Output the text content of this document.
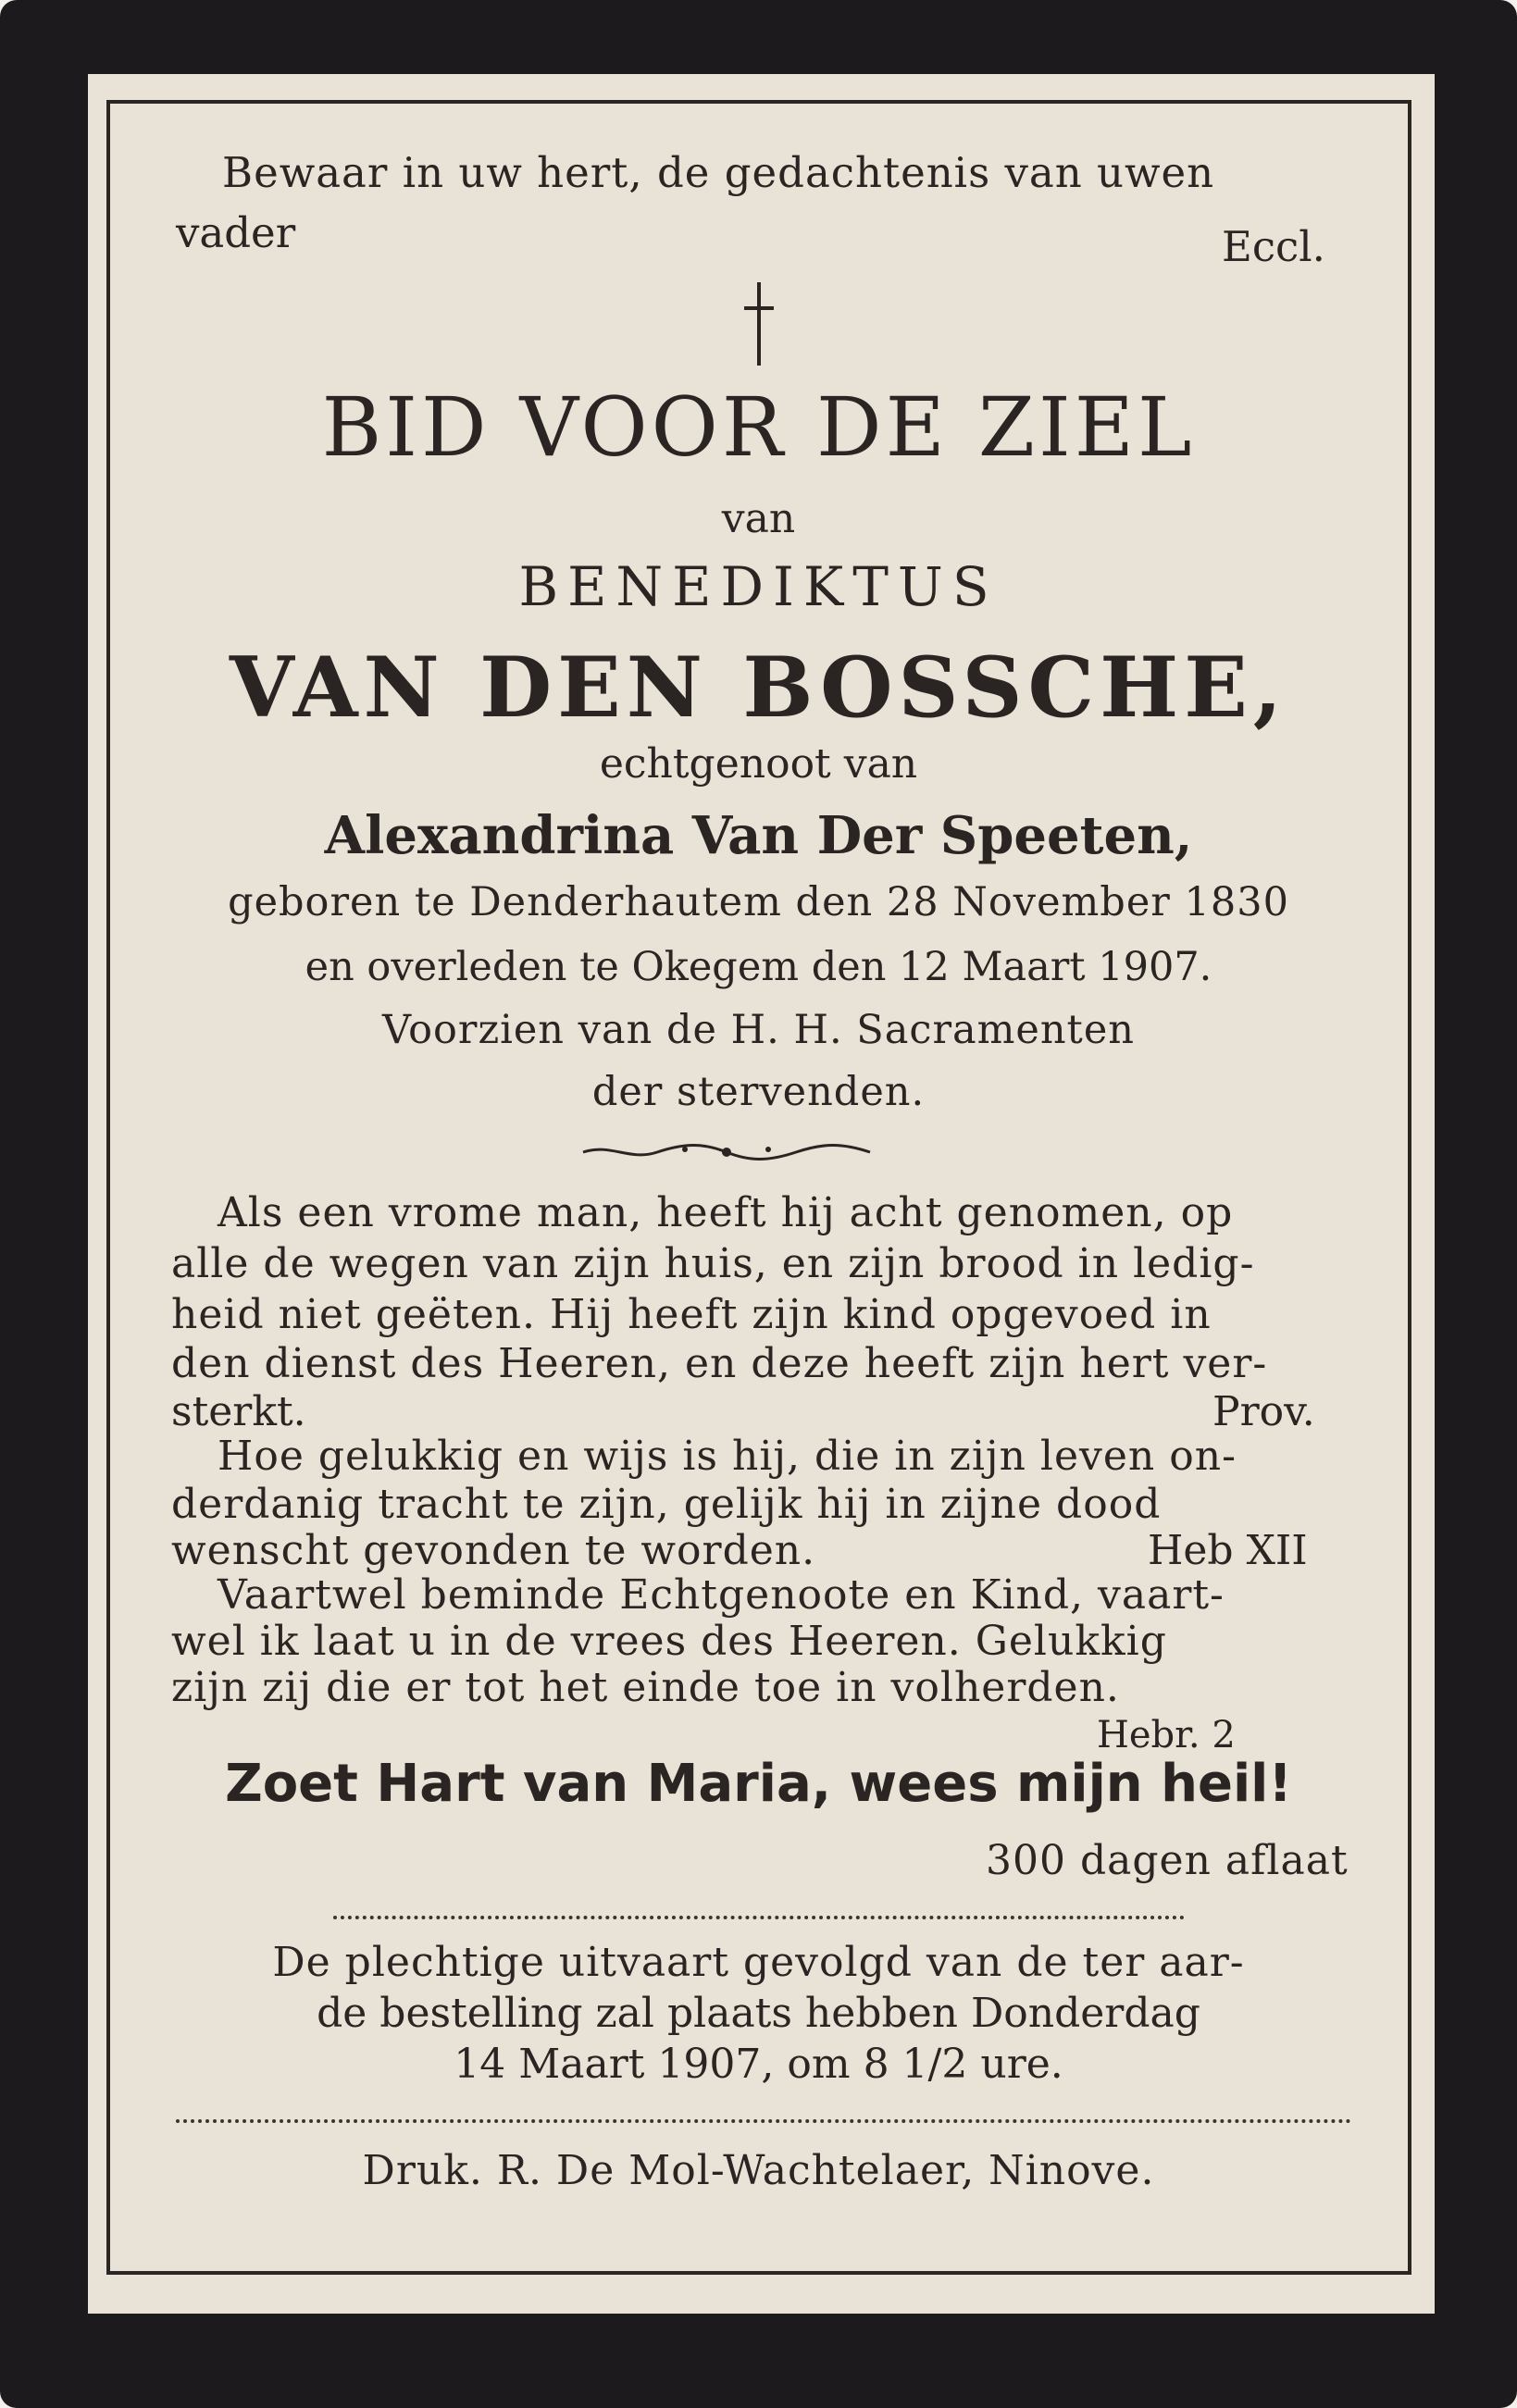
Bewaar in uw hert, de gedachtenis van uwen
vader	Eccl.
BID VOOR DE ZIEL
van
BENEDIKTUS
VAN DEN BOSSCHE,
echtgenoot van
Alexandrina Van Der Speeten,
geboren te Denderhautem den 28 November 1830
en overleden te Okegem den 12 Maart 1907.
Voorzien van de H. H. Sacramenten
der stervenden.
Als een vrome man, heeft hij acht genomen, op
alle de wegen van zijn huis, en zijn brood in ledig-
heid niet geëten. Hij heeft zijn kind opgevoed in
den dienst des Heeren, en deze heeft zijn hert ver-
sterkt.	Prov.
Hoe gelukkig en wijs is hij, die in zijn leven on-
derdanig tracht te zijn, gelijk hij in zijne dood
wenscht gevonden te worden.	Heb XII
Vaartwel beminde Echtgenoote en Kind, vaart-
wel ik laat u in de vrees des Heeren. Gelukkig
zijn zij die er tot het einde toe in volherden.
Hebr. 2
Zoet Hart van Maria, wees mijn heil!
300 dagen aflaat
De plechtige uitvaart gevolgd van de ter aar-
de bestelling zal plaats hebben Donderdag
14 Maart 1907, om 8 1/2 ure.
Druk. R. De Mol-Wachtelaer, Ninove.
